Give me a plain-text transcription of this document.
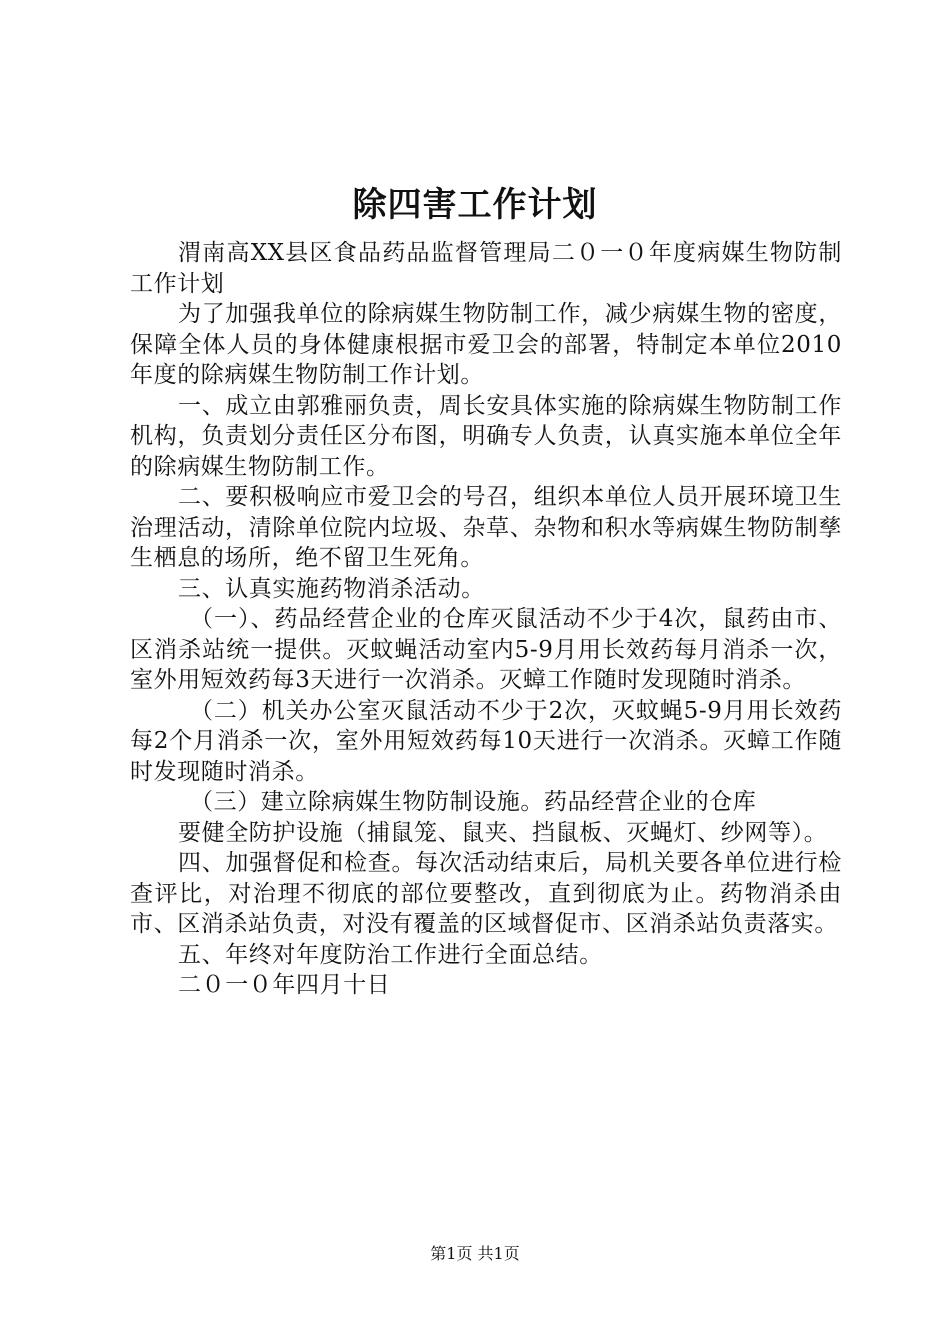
除四害工作计划

渭南高XX县区食品药品监督管理局二０一０年度病媒生物防制工作计划

为了加强我单位的除病媒生物防制工作，减少病媒生物的密度，保障全体人员的身体健康根据市爱卫会的部署，特制定本单位2010年度的除病媒生物防制工作计划。

一、成立由郭雅丽负责，周长安具体实施的除病媒生物防制工作机构，负责划分责任区分布图，明确专人负责，认真实施本单位全年的除病媒生物防制工作。

二、要积极响应市爱卫会的号召，组织本单位人员开展环境卫生治理活动，清除单位院内垃圾、杂草、杂物和积水等病媒生物防制孳生栖息的场所，绝不留卫生死角。

三、认真实施药物消杀活动。

（一）、药品经营企业的仓库灭鼠活动不少于4次，鼠药由市、区消杀站统一提供。灭蚊蝇活动室内5-9月用长效药每月消杀一次，室外用短效药每3天进行一次消杀。灭蟑工作随时发现随时消杀。

（二）机关办公室灭鼠活动不少于2次，灭蚊蝇5-9月用长效药每2个月消杀一次，室外用短效药每10天进行一次消杀。灭蟑工作随时发现随时消杀。

（三）建立除病媒生物防制设施。药品经营企业的仓库

要健全防护设施（捕鼠笼、鼠夹、挡鼠板、灭蝇灯、纱网等）。

四、加强督促和检查。每次活动结束后，局机关要各单位进行检查评比，对治理不彻底的部位要整改，直到彻底为止。药物消杀由市、区消杀站负责，对没有覆盖的区域督促市、区消杀站负责落实。

五、年终对年度防治工作进行全面总结。

二０一０年四月十日

第1页 共1页
